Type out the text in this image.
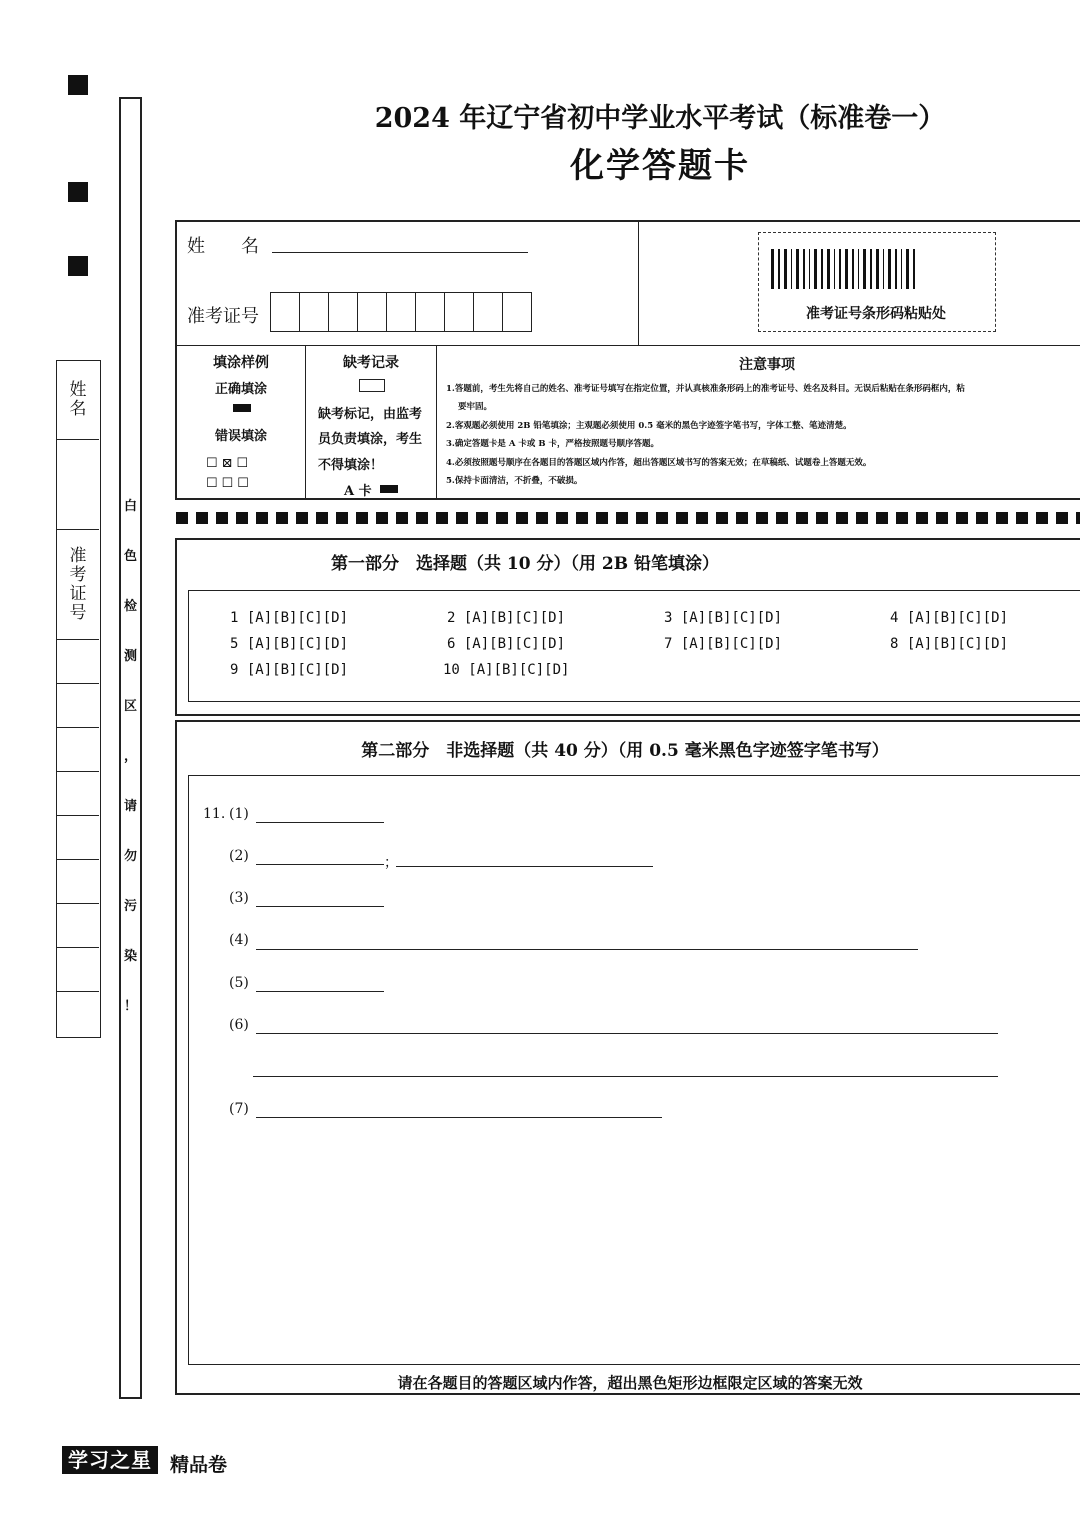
白
色
检
测
区
，
请
勿
污
染
！
姓名
准考证号
2024 年辽宁省初中学业水平考试（标准卷一）
化学答题卡
姓　　名
准考证号	准考证号条形码粘贴处
填涂样例
正确填涂
错误填涂
☐⊠☐
☐☐☐
缺考记录
缺考标记，由监考
员负责填涂，考生
不得填涂！
A 卡
注意事项
1.答题前，考生先将自己的姓名、准考证号填写在指定位置，并认真核准条形码上的准考证号、姓名及科目。无误后粘贴在条形码框内，粘
要牢固。
2.客观题必须使用 2B 铅笔填涂；主观题必须使用 0.5 毫米的黑色字迹签字笔书写，字体工整、笔迹清楚。
3.确定答题卡是 A 卡或 B 卡，严格按照题号顺序答题。
4.必须按照题号顺序在各题目的答题区域内作答，超出答题区域书写的答案无效；在草稿纸、试题卷上答题无效。
5.保持卡面清洁，不折叠，不破损。
第一部分　选择题（共 10 分）（用 2B 铅笔填涂）
1 [A][B][C][D]	2 [A][B][C][D]	3 [A][B][C][D]	4 [A][B][C][D]
5 [A][B][C][D]	6 [A][B][C][D]	7 [A][B][C][D]	8 [A][B][C][D]
9 [A][B][C][D]	10 [A][B][C][D]
第二部分　非选择题（共 40 分）（用 0.5 毫米黑色字迹签字笔书写）
11. (1)
(2)	；
(3)
(4)
(5)
(6)
(7)
请在各题目的答题区域内作答，超出黑色矩形边框限定区域的答案无效
学习之星 精品卷
